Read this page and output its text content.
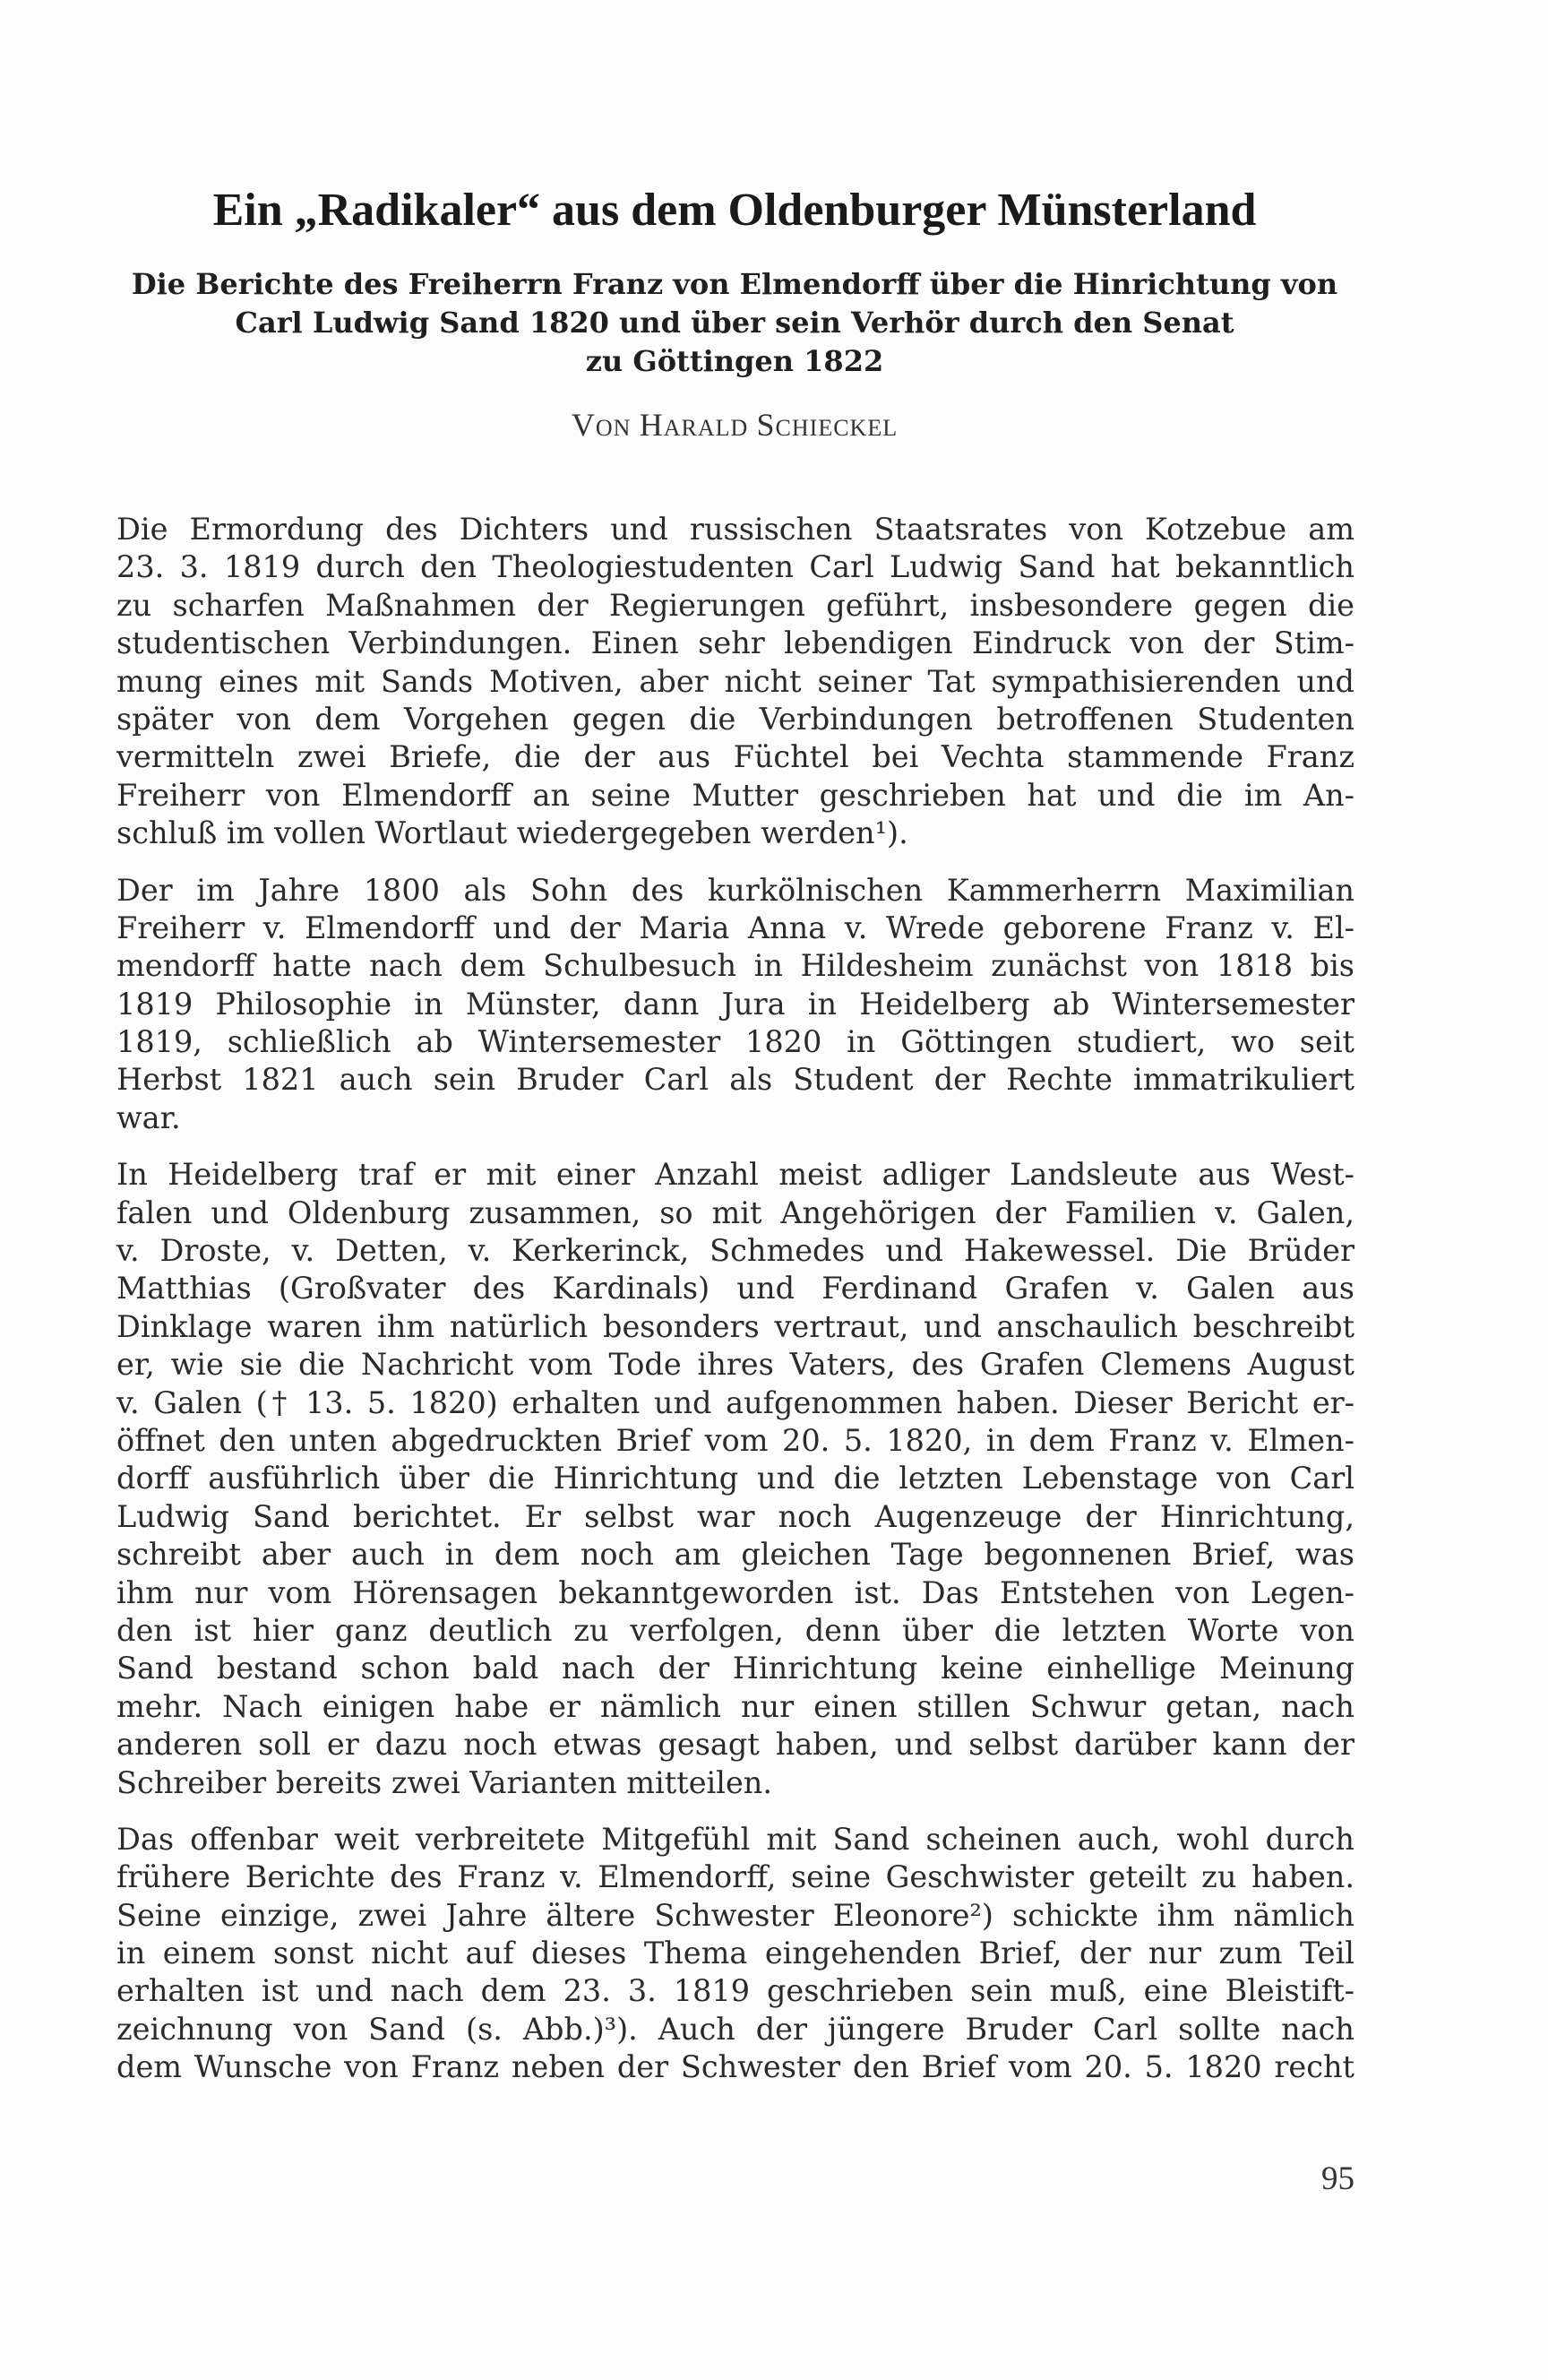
Ein „Radikaler“ aus dem Oldenburger Münsterland
Die Berichte des Freiherrn Franz von Elmendorff über die Hinrichtung von
Carl Ludwig Sand 1820 und über sein Verhör durch den Senat
zu Göttingen 1822
VON HARALD SCHIECKEL
Die Ermordung des Dichters und russischen Staatsrates von Kotzebue am
23. 3. 1819 durch den Theologiestudenten Carl Ludwig Sand hat bekanntlich
zu scharfen Maßnahmen der Regierungen geführt, insbesondere gegen die
studentischen Verbindungen. Einen sehr lebendigen Eindruck von der Stim-
mung eines mit Sands Motiven, aber nicht seiner Tat sympathisierenden und
später von dem Vorgehen gegen die Verbindungen betroffenen Studenten
vermitteln zwei Briefe, die der aus Füchtel bei Vechta stammende Franz
Freiherr von Elmendorff an seine Mutter geschrieben hat und die im An-
schluß im vollen Wortlaut wiedergegeben werden¹).
Der im Jahre 1800 als Sohn des kurkölnischen Kammerherrn Maximilian
Freiherr v. Elmendorff und der Maria Anna v. Wrede geborene Franz v. El-
mendorff hatte nach dem Schulbesuch in Hildesheim zunächst von 1818 bis
1819 Philosophie in Münster, dann Jura in Heidelberg ab Wintersemester
1819, schließlich ab Wintersemester 1820 in Göttingen studiert, wo seit
Herbst 1821 auch sein Bruder Carl als Student der Rechte immatrikuliert
war.
In Heidelberg traf er mit einer Anzahl meist adliger Landsleute aus West-
falen und Oldenburg zusammen, so mit Angehörigen der Familien v. Galen,
v. Droste, v. Detten, v. Kerkerinck, Schmedes und Hakewessel. Die Brüder
Matthias (Großvater des Kardinals) und Ferdinand Grafen v. Galen aus
Dinklage waren ihm natürlich besonders vertraut, und anschaulich beschreibt
er, wie sie die Nachricht vom Tode ihres Vaters, des Grafen Clemens August
v. Galen († 13. 5. 1820) erhalten und aufgenommen haben. Dieser Bericht er-
öffnet den unten abgedruckten Brief vom 20. 5. 1820, in dem Franz v. Elmen-
dorff ausführlich über die Hinrichtung und die letzten Lebenstage von Carl
Ludwig Sand berichtet. Er selbst war noch Augenzeuge der Hinrichtung,
schreibt aber auch in dem noch am gleichen Tage begonnenen Brief, was
ihm nur vom Hörensagen bekanntgeworden ist. Das Entstehen von Legen-
den ist hier ganz deutlich zu verfolgen, denn über die letzten Worte von
Sand bestand schon bald nach der Hinrichtung keine einhellige Meinung
mehr. Nach einigen habe er nämlich nur einen stillen Schwur getan, nach
anderen soll er dazu noch etwas gesagt haben, und selbst darüber kann der
Schreiber bereits zwei Varianten mitteilen.
Das offenbar weit verbreitete Mitgefühl mit Sand scheinen auch, wohl durch
frühere Berichte des Franz v. Elmendorff, seine Geschwister geteilt zu haben.
Seine einzige, zwei Jahre ältere Schwester Eleonore²) schickte ihm nämlich
in einem sonst nicht auf dieses Thema eingehenden Brief, der nur zum Teil
erhalten ist und nach dem 23. 3. 1819 geschrieben sein muß, eine Bleistift-
zeichnung von Sand (s. Abb.)³). Auch der jüngere Bruder Carl sollte nach
dem Wunsche von Franz neben der Schwester den Brief vom 20. 5. 1820 recht
95
